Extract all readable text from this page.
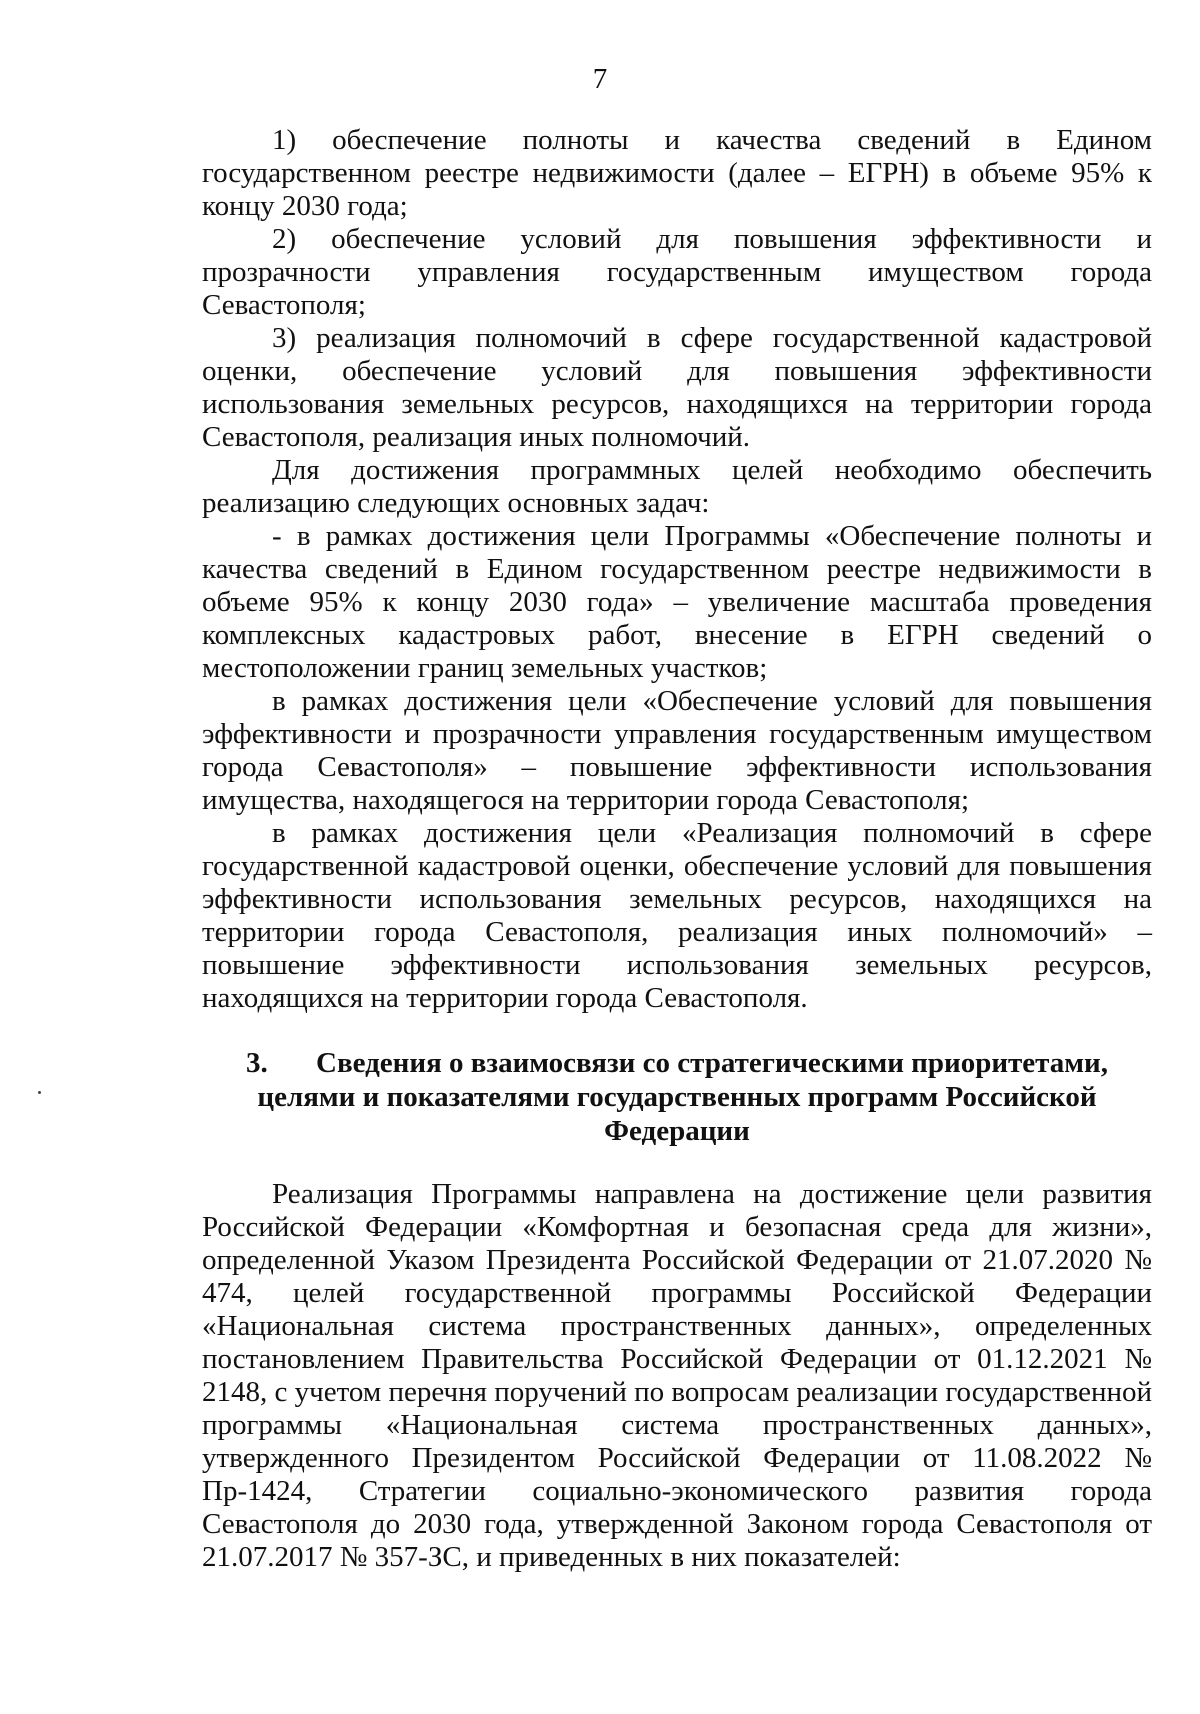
7

1) обеспечение полноты и качества сведений в Едином государственном реестре недвижимости (далее – ЕГРН) в объеме 95% к концу 2030 года;

2) обеспечение условий для повышения эффективности и прозрачности управления государственным имуществом города Севастополя;

3) реализация полномочий в сфере государственной кадастровой оценки, обеспечение условий для повышения эффективности использования земельных ресурсов, находящихся на территории города Севастополя, реализация иных полномочий.

Для достижения программных целей необходимо обеспечить реализацию следующих основных задач:

- в рамках достижения цели Программы «Обеспечение полноты и качества сведений в Едином государственном реестре недвижимости в объеме 95% к концу 2030 года» – увеличение масштаба проведения комплексных кадастровых работ, внесение в ЕГРН сведений о местоположении границ земельных участков;

в рамках достижения цели «Обеспечение условий для повышения эффективности и прозрачности управления государственным имуществом города Севастополя» – повышение эффективности использования имущества, находящегося на территории города Севастополя;

в рамках достижения цели «Реализация полномочий в сфере государственной кадастровой оценки, обеспечение условий для повышения эффективности использования земельных ресурсов, находящихся на территории города Севастополя, реализация иных полномочий» – повышение эффективности использования земельных ресурсов, находящихся на территории города Севастополя.

3. Сведения о взаимосвязи со стратегическими приоритетами, целями и показателями государственных программ Российской Федерации

Реализация Программы направлена на достижение цели развития Российской Федерации «Комфортная и безопасная среда для жизни», определенной Указом Президента Российской Федерации от 21.07.2020 № 474, целей государственной программы Российской Федерации «Национальная система пространственных данных», определенных постановлением Правительства Российской Федерации от 01.12.2021 № 2148, с учетом перечня поручений по вопросам реализации государственной программы «Национальная система пространственных данных», утвержденного Президентом Российской Федерации от 11.08.2022 № Пр-1424, Стратегии социально-экономического развития города Севастополя до 2030 года, утвержденной Законом города Севастополя от 21.07.2017 № 357-ЗС, и приведенных в них показателей:
